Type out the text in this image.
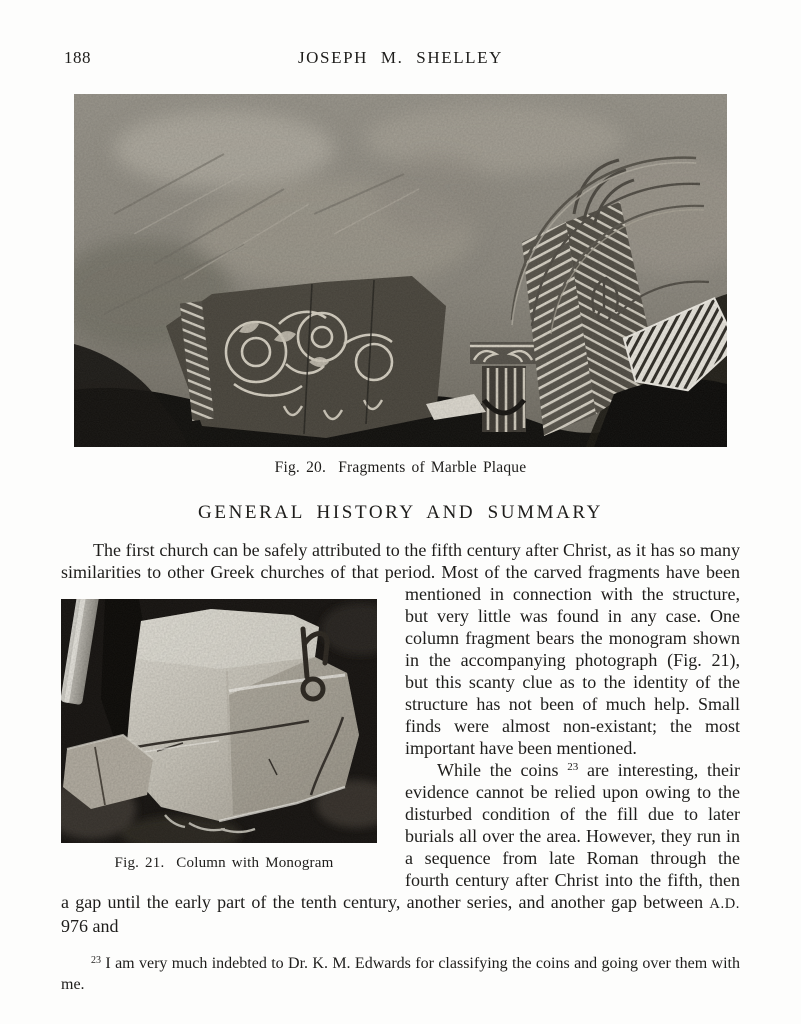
188	JOSEPH M. SHELLEY
Fig. 20.  Fragments of Marble Plaque
GENERAL HISTORY AND SUMMARY

The first church can be safely attributed to the fifth century after Christ, as it has so many similarities to other Greek churches of that period. Most of the carved
Fig. 21.  Column with Monogram
fragments have been mentioned in connection with the structure, but very little was found in any case. One column fragment bears the monogram shown in the accompanying photograph (Fig. 21), but this scanty clue as to the identity of the structure has not been of much help. Small finds were almost non-existant; the most important have been mentioned.

While the coins $^{23}$ are interesting, their evidence cannot be relied upon owing to the disturbed condition of the fill due to later burials all over the area. However, they run in a sequence from late Roman through the fourth century after Christ into the fifth, then a gap until the early part of the tenth century, another series, and another gap between A.D. 976 and

$^{23}$ I am very much indebted to Dr. K. M. Edwards for classifying the coins and going over them with me.
